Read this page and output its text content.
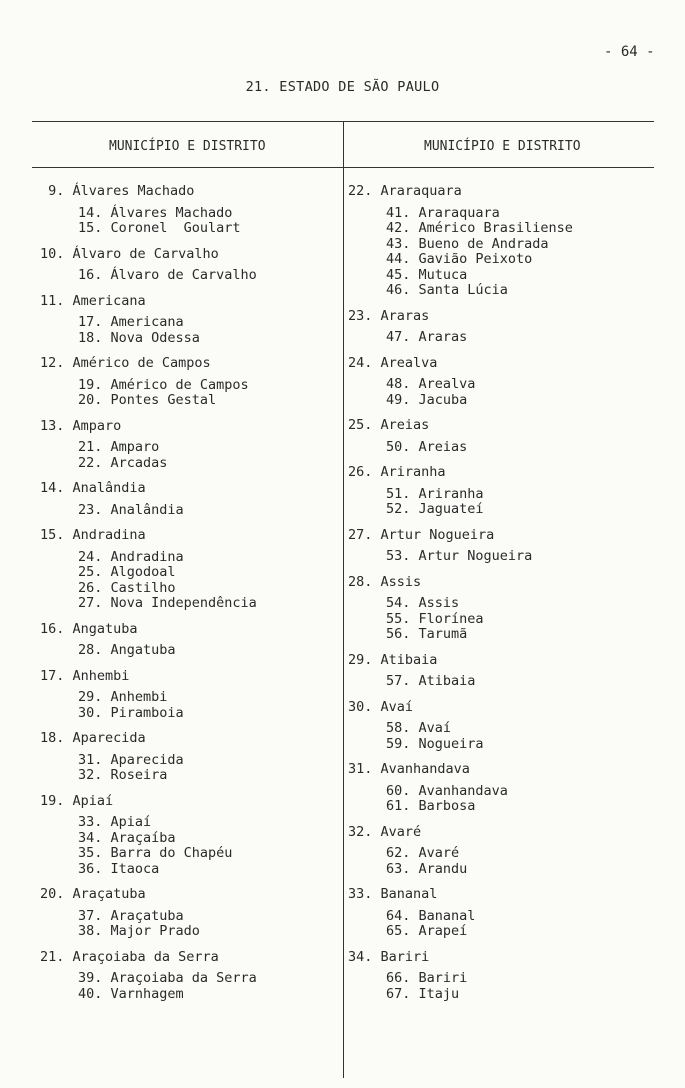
- 64 -
21. ESTADO DE SÃO PAULO
MUNICÍPIO E DISTRITO	MUNICÍPIO E DISTRITO
9. Álvares Machado
14. Álvares Machado
15. Coronel  Goulart
10. Álvaro de Carvalho
16. Álvaro de Carvalho
11. Americana
17. Americana
18. Nova Odessa
12. Américo de Campos
19. Américo de Campos
20. Pontes Gestal
13. Amparo
21. Amparo
22. Arcadas
14. Analândia
23. Analândia
15. Andradina
24. Andradina
25. Algodoal
26. Castilho
27. Nova Independência
16. Angatuba
28. Angatuba
17. Anhembi
29. Anhembi
30. Piramboia
18. Aparecida
31. Aparecida
32. Roseira
19. Apiaí
33. Apiaí
34. Araçaíba
35. Barra do Chapéu
36. Itaoca
20. Araçatuba
37. Araçatuba
38. Major Prado
21. Araçoiaba da Serra
39. Araçoiaba da Serra
40. Varnhagem
22. Araraquara
41. Araraquara
42. Américo Brasiliense
43. Bueno de Andrada
44. Gavião Peixoto
45. Mutuca
46. Santa Lúcia
23. Araras
47. Araras
24. Arealva
48. Arealva
49. Jacuba
25. Areias
50. Areias
26. Ariranha
51. Ariranha
52. Jaguateí
27. Artur Nogueira
53. Artur Nogueira
28. Assis
54. Assis
55. Florínea
56. Tarumã
29. Atibaia
57. Atibaia
30. Avaí
58. Avaí
59. Nogueira
31. Avanhandava
60. Avanhandava
61. Barbosa
32. Avaré
62. Avaré
63. Arandu
33. Bananal
64. Bananal
65. Arapeí
34. Bariri
66. Bariri
67. Itaju
